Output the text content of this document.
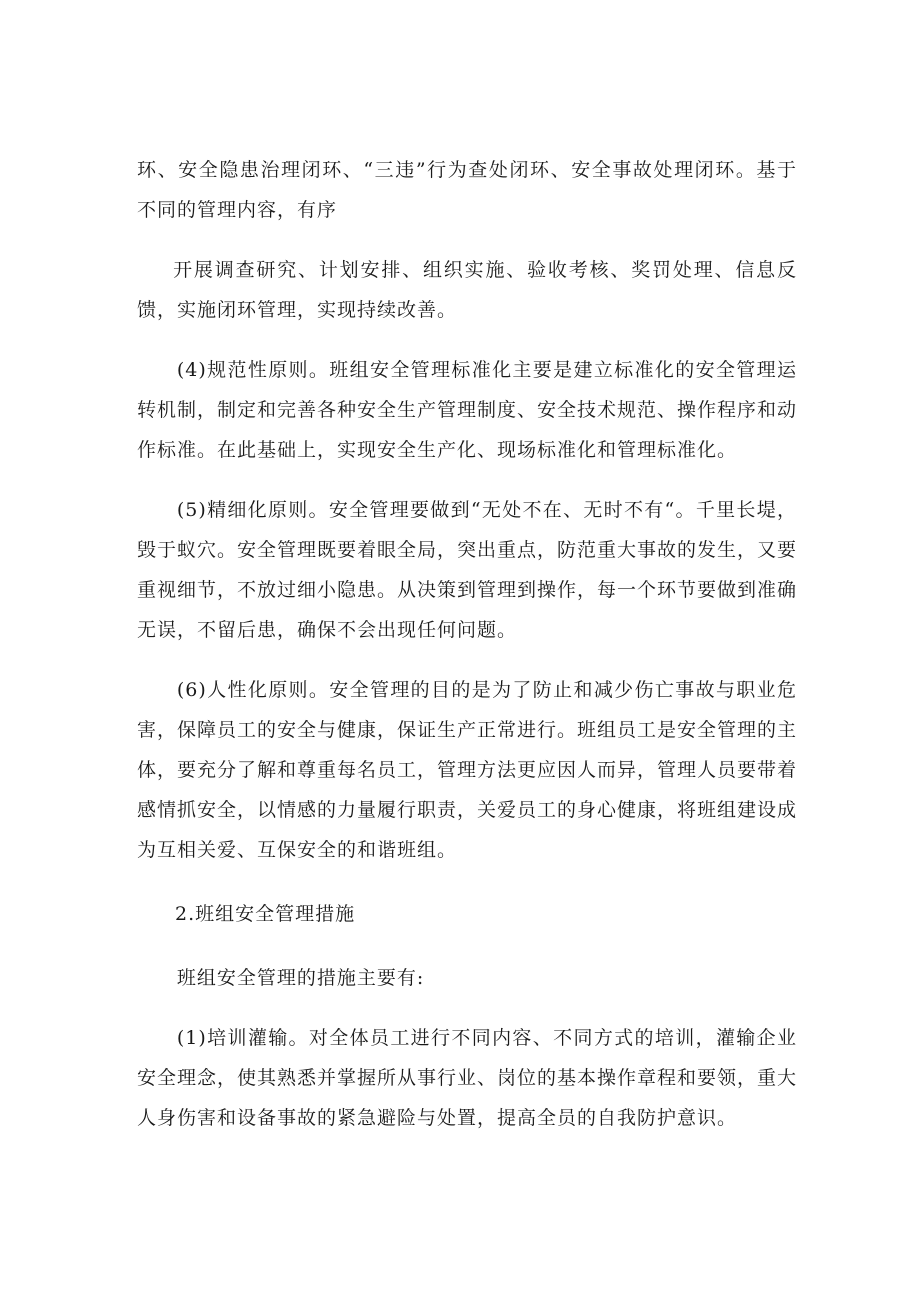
环、安全隐患治理闭环、“三违”行为查处闭环、安全事故处理闭环。基于不同的管理内容，有序

开展调查研究、计划安排、组织实施、验收考核、奖罚处理、信息反馈，实施闭环管理，实现持续改善。

(4)规范性原则。班组安全管理标准化主要是建立标准化的安全管理运转机制，制定和完善各种安全生产管理制度、安全技术规范、操作程序和动作标准。在此基础上，实现安全生产化、现场标准化和管理标准化。

(5)精细化原则。安全管理要做到“无处不在、无时不有“。千里长堤，毁于蚁穴。安全管理既要着眼全局，突出重点，防范重大事故的发生，又要重视细节，不放过细小隐患。从决策到管理到操作，每一个环节要做到准确无误，不留后患，确保不会出现任何问题。

(6)人性化原则。安全管理的目的是为了防止和减少伤亡事故与职业危害，保障员工的安全与健康，保证生产正常进行。班组员工是安全管理的主体，要充分了解和尊重每名员工，管理方法更应因人而异，管理人员要带着感情抓安全，以情感的力量履行职责，关爱员工的身心健康，将班组建设成为互相关爱、互保安全的和谐班组。

2.班组安全管理措施

班组安全管理的措施主要有:

(1)培训灌输。对全体员工进行不同内容、不同方式的培训，灌输企业安全理念，使其熟悉并掌握所从事行业、岗位的基本操作章程和要领，重大人身伤害和设备事故的紧急避险与处置，提高全员的自我防护意识。
